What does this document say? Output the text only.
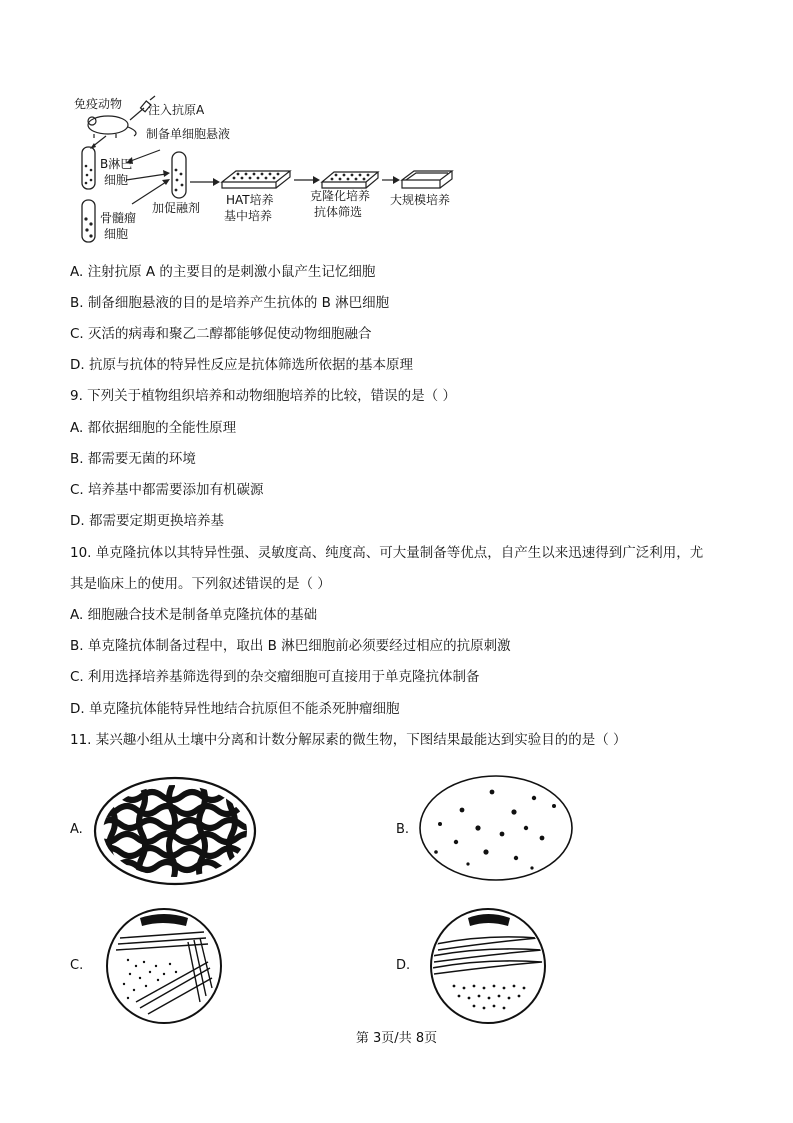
免疫动物 注入抗原A
制备单细胞悬液
B淋巴
细胞
骨髓瘤
细胞
加促融剂
HAT培养
基中培养
克隆化培养
抗体筛选
大规模培养
A. 注射抗原 A 的主要目的是刺激小鼠产生记忆细胞
B. 制备细胞悬液的目的是培养产生抗体的 B 淋巴细胞
C. 灭活的病毒和聚乙二醇都能够促使动物细胞融合
D. 抗原与抗体的特异性反应是抗体筛选所依据的基本原理
9. 下列关于植物组织培养和动物细胞培养的比较，错误的是（ ）
A. 都依据细胞的全能性原理
B. 都需要无菌的环境
C. 培养基中都需要添加有机碳源
D. 都需要定期更换培养基
10. 单克隆抗体以其特异性强、灵敏度高、纯度高、可大量制备等优点，自产生以来迅速得到广泛利用，尤
其是临床上的使用。下列叙述错误的是（ ）
A. 细胞融合技术是制备单克隆抗体的基础
B. 单克隆抗体制备过程中，取出 B 淋巴细胞前必须要经过相应的抗原刺激
C. 利用选择培养基筛选得到的杂交瘤细胞可直接用于单克隆抗体制备
D. 单克隆抗体能特异性地结合抗原但不能杀死肿瘤细胞
11. 某兴趣小组从土壤中分离和计数分解尿素的微生物，下图结果最能达到实验目的的是（ ）
A.	B.
C.	D.
第 3页/共 8页
